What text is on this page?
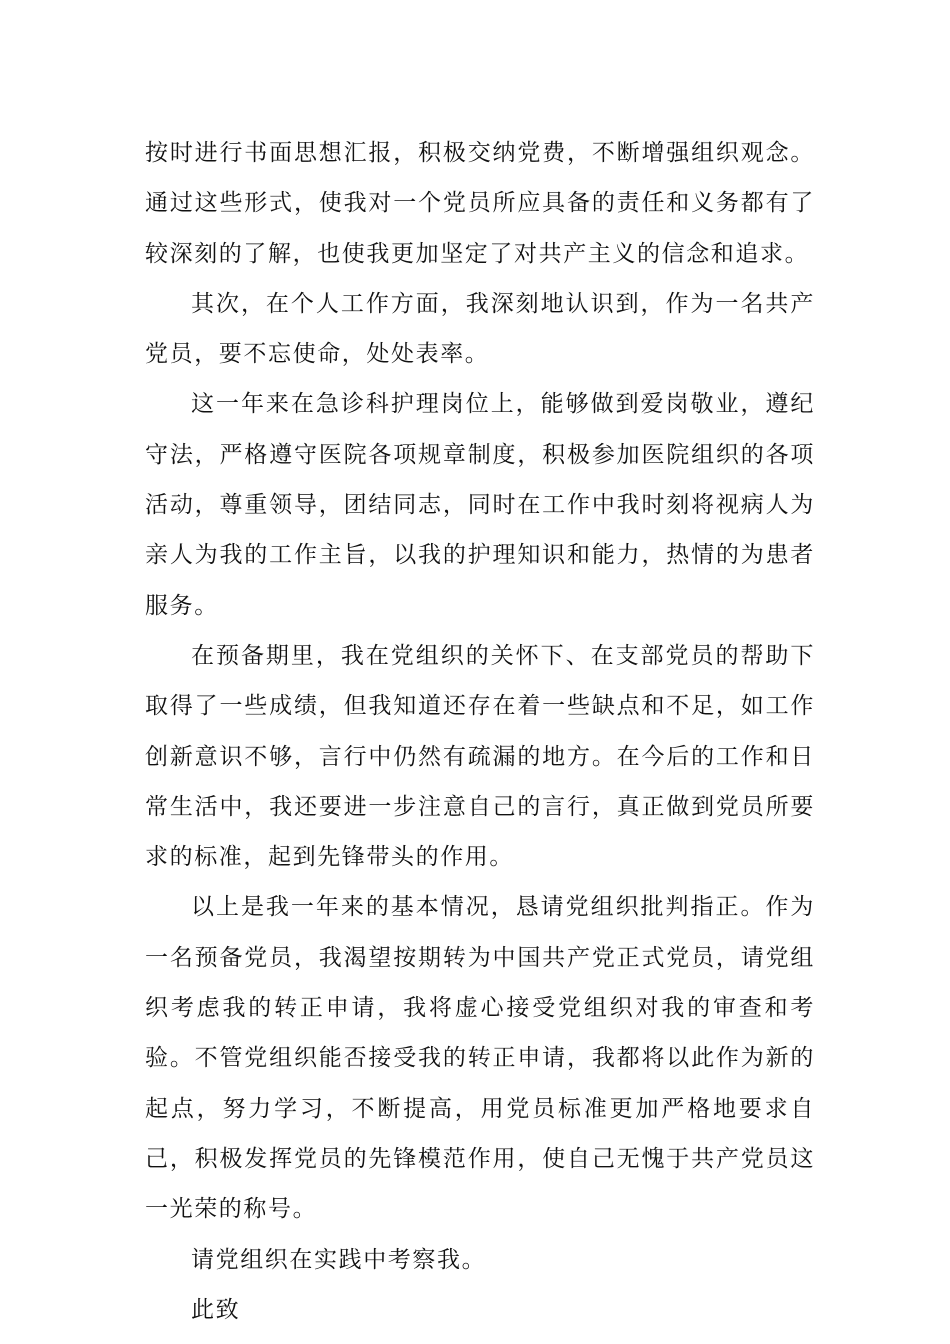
按时进行书面思想汇报，积极交纳党费，不断增强组织观念。通过这些形式，使我对一个党员所应具备的责任和义务都有了较深刻的了解，也使我更加坚定了对共产主义的信念和追求。

其次，在个人工作方面，我深刻地认识到，作为一名共产党员，要不忘使命，处处表率。

这一年来在急诊科护理岗位上，能够做到爱岗敬业，遵纪守法，严格遵守医院各项规章制度，积极参加医院组织的各项活动，尊重领导，团结同志，同时在工作中我时刻将视病人为亲人为我的工作主旨，以我的护理知识和能力，热情的为患者服务。

在预备期里，我在党组织的关怀下、在支部党员的帮助下取得了一些成绩，但我知道还存在着一些缺点和不足，如工作创新意识不够，言行中仍然有疏漏的地方。在今后的工作和日常生活中，我还要进一步注意自己的言行，真正做到党员所要求的标准，起到先锋带头的作用。

以上是我一年来的基本情况，恳请党组织批判指正。作为一名预备党员，我渴望按期转为中国共产党正式党员，请党组织考虑我的转正申请，我将虚心接受党组织对我的审查和考验。不管党组织能否接受我的转正申请，我都将以此作为新的起点，努力学习，不断提高，用党员标准更加严格地要求自己，积极发挥党员的先锋模范作用，使自己无愧于共产党员这一光荣的称号。

请党组织在实践中考察我。

此致
